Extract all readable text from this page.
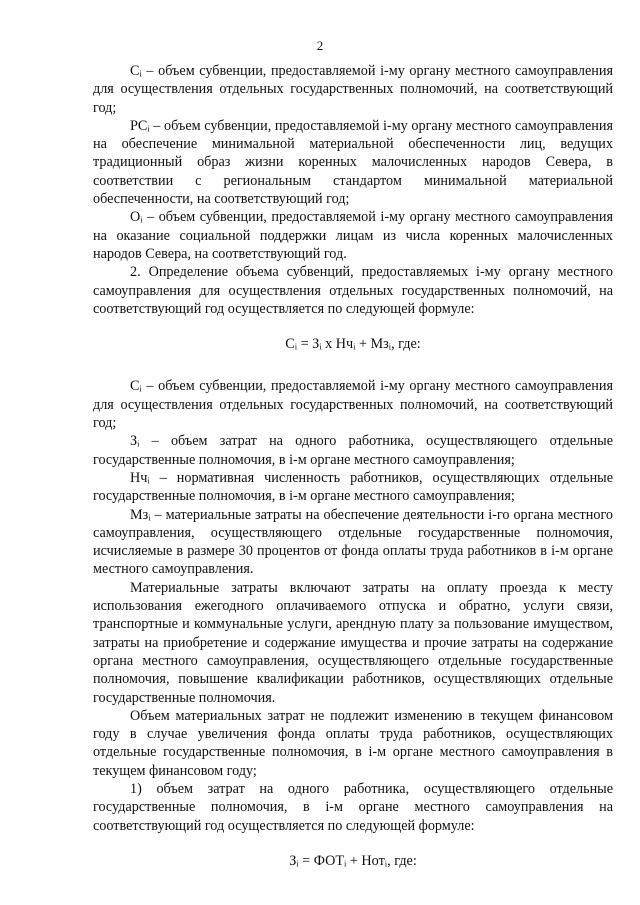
2

Cᵢ – объем субвенции, предоставляемой i-му органу местного самоуправления для осуществления отдельных государственных полномочий, на соответствующий год;

PCᵢ – объем субвенции, предоставляемой i-му органу местного самоуправления на обеспечение минимальной материальной обеспеченности лиц, ведущих традиционный образ жизни коренных малочисленных народов Севера, в соответствии с региональным стандартом минимальной материальной обеспеченности, на соответствующий год;

Oᵢ – объем субвенции, предоставляемой i-му органу местного самоуправления на оказание социальной поддержки лицам из числа коренных малочисленных народов Севера, на соответствующий год.

2. Определение объема субвенций, предоставляемых i-му органу местного самоуправления для осуществления отдельных государственных полномочий, на соответствующий год осуществляется по следующей формуле:

Cᵢ = Зᵢ x Нчᵢ + Мзᵢ, где:

Cᵢ – объем субвенции, предоставляемой i-му органу местного самоуправления для осуществления отдельных государственных полномочий, на соответствующий год;

Зᵢ – объем затрат на одного работника, осуществляющего отдельные государственные полномочия, в i-м органе местного самоуправления;

Нчᵢ – нормативная численность работников, осуществляющих отдельные государственные полномочия, в i-м органе местного самоуправления;

Мзᵢ – материальные затраты на обеспечение деятельности i-го органа местного самоуправления, осуществляющего отдельные государственные полномочия, исчисляемые в размере 30 процентов от фонда оплаты труда работников в i-м органе местного самоуправления.

Материальные затраты включают затраты на оплату проезда к месту использования ежегодного оплачиваемого отпуска и обратно, услуги связи, транспортные и коммунальные услуги, арендную плату за пользование имуществом, затраты на приобретение и содержание имущества и прочие затраты на содержание органа местного самоуправления, осуществляющего отдельные государственные полномочия, повышение квалификации работников, осуществляющих отдельные государственные полномочия.

Объем материальных затрат не подлежит изменению в текущем финансовом году в случае увеличения фонда оплаты труда работников, осуществляющих отдельные государственные полномочия, в i-м органе местного самоуправления в текущем финансовом году;

1) объем затрат на одного работника, осуществляющего отдельные государственные полномочия, в i-м органе местного самоуправления на соответствующий год осуществляется по следующей формуле:

Зᵢ = ФОТᵢ + Нотᵢ, где:
